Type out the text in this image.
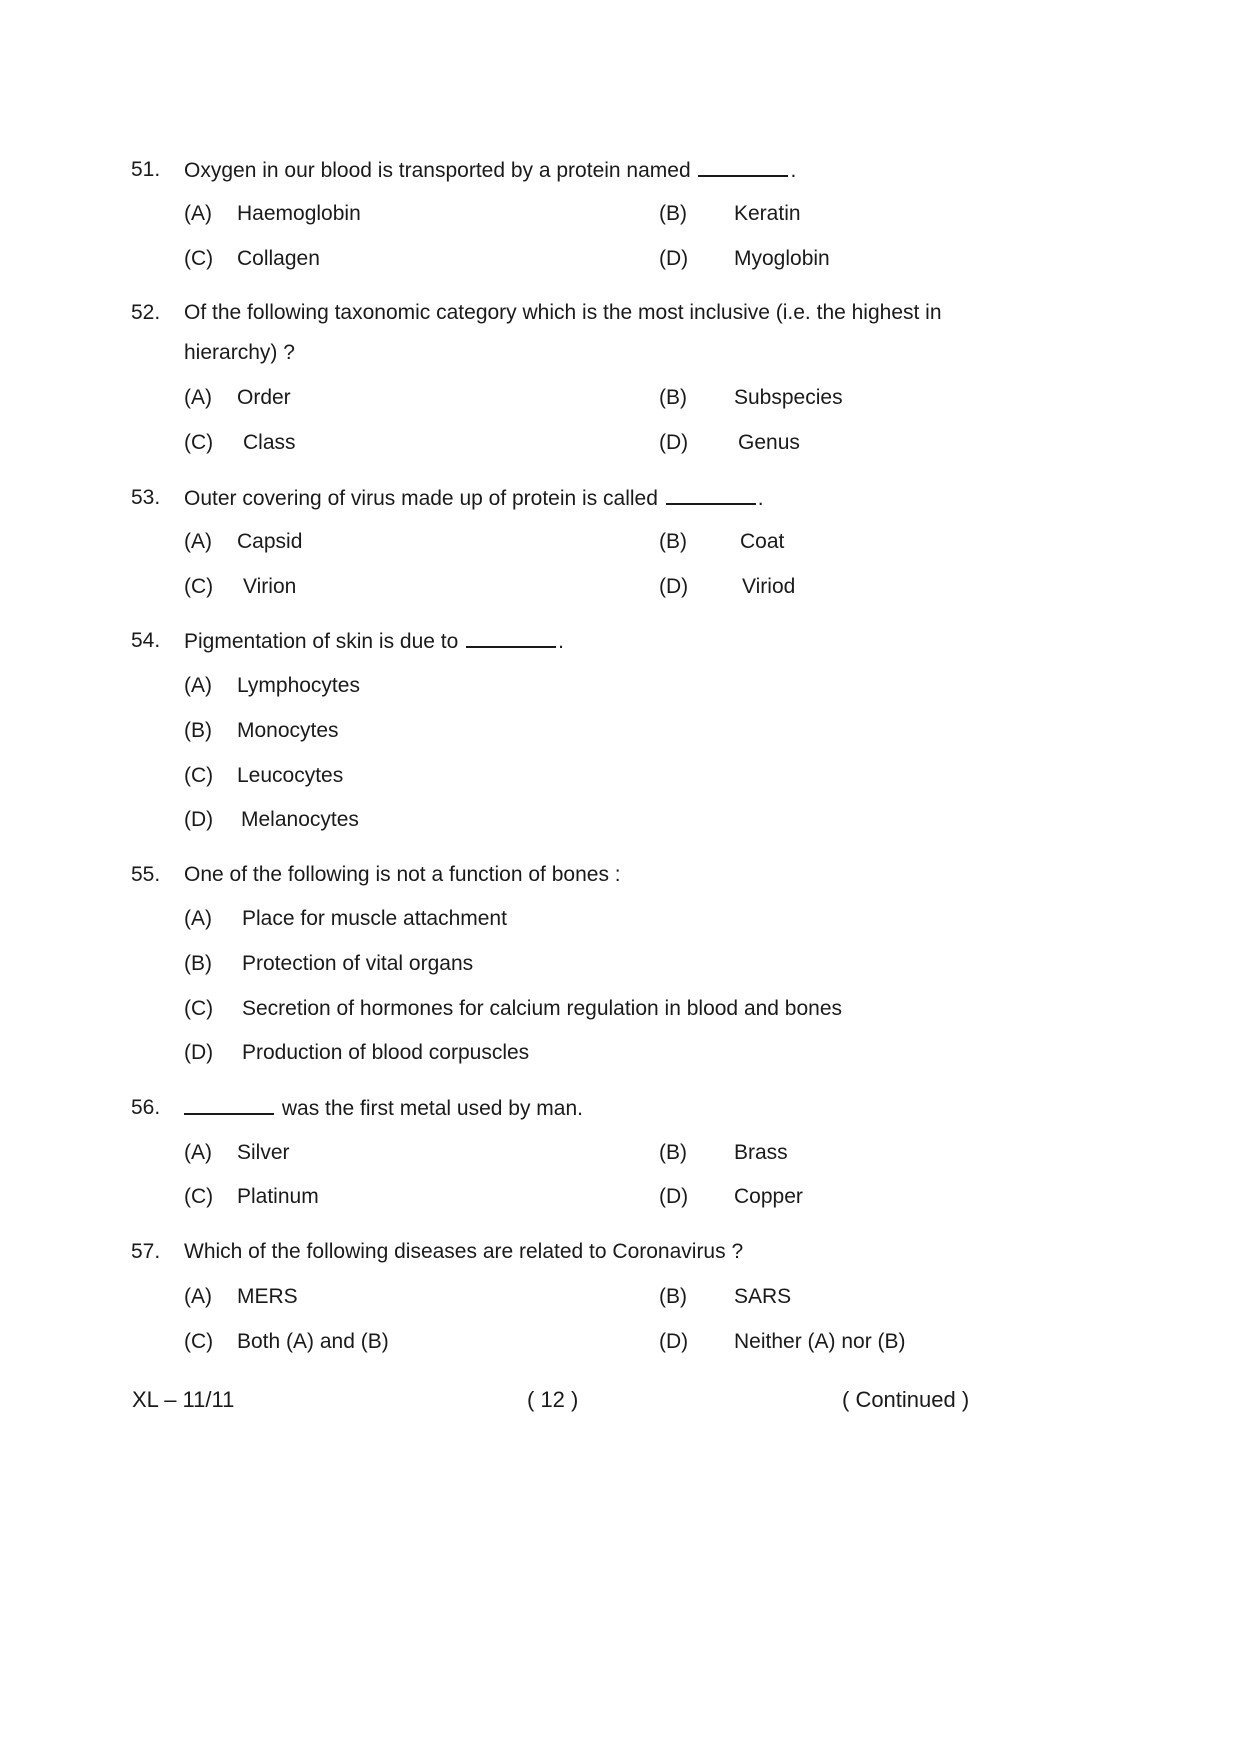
51. Oxygen in our blood is transported by a protein named	.
(A) Haemoglobin	(B) Keratin
(C) Collagen	(D) Myoglobin
52. Of the following taxonomic category which is the most inclusive (i.e. the highest in
hierarchy) ?
(A) Order	(B) Subspecies
(C) Class	(D) Genus
53. Outer covering of virus made up of protein is called	.
(A) Capsid	(B)	Coat
(C) Virion	(D)	Viriod
54. Pigmentation of skin is due to	.
(A) Lymphocytes
(B) Monocytes
(C) Leucocytes
(D) Melanocytes
55. One of the following is not a function of bones :
(A) Place for muscle attachment
(B) Protection of vital organs
(C) Secretion of hormones for calcium regulation in blood and bones
(D) Production of blood corpuscles
56.	was the first metal used by man.
(A) Silver	(B) Brass
(C) Platinum	(D) Copper
57. Which of the following diseases are related to Coronavirus ?
(A) MERS	(B) SARS
(C) Both (A) and (B)	(D) Neither (A) nor (B)
XL – 11/11	( 12 )	( Continued )
